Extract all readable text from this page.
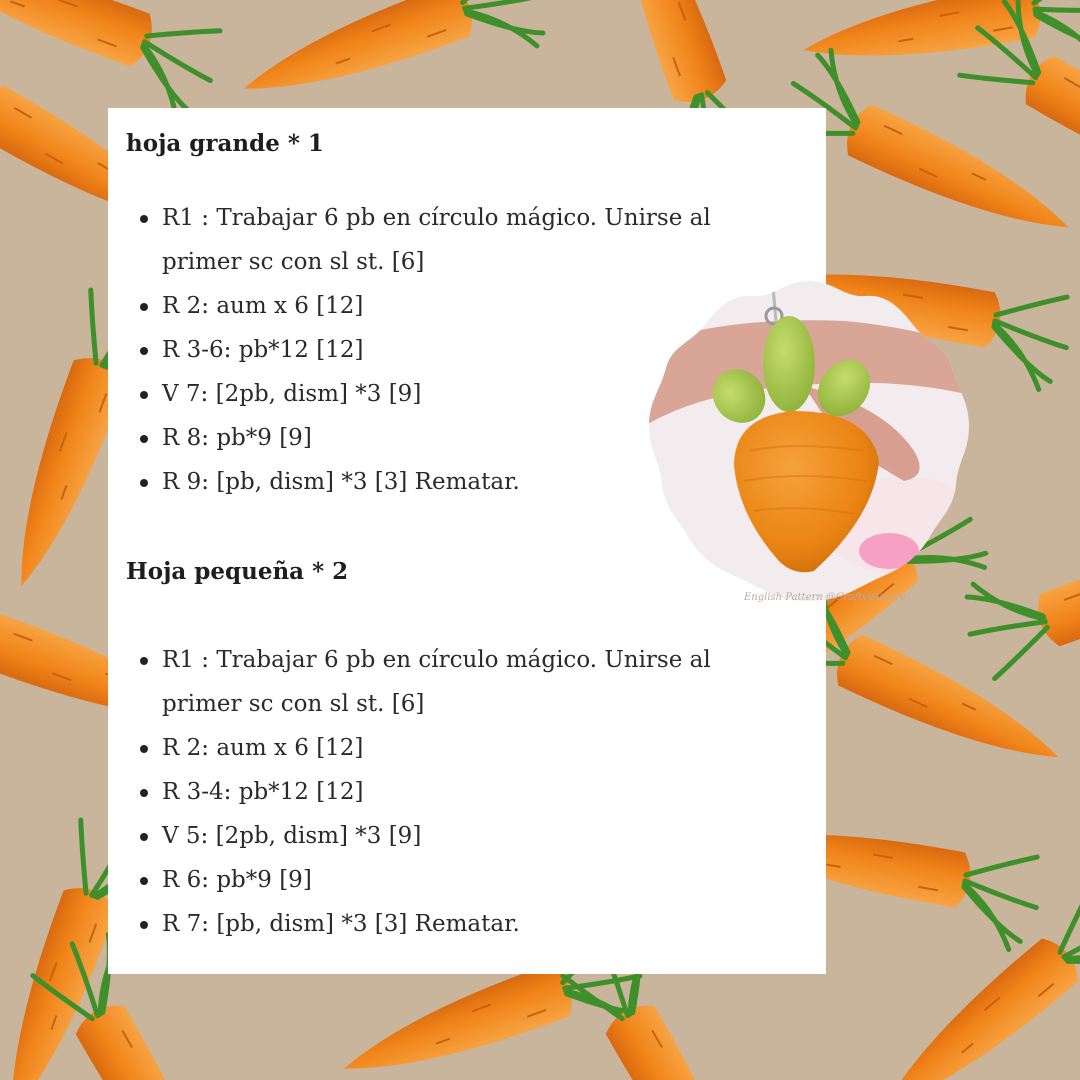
hoja grande * 1
R1 : Trabajar 6 pb en círculo mágico. Unirse al primer sc con sl st. [6]
R 2: aum x 6 [12]
R 3-6: pb*12 [12]
V 7: [2pb, dism] *3 [9]
R 8: pb*9 [9]
R 9: [pb, dism] *3 [3] Rematar.
Hoja pequeña * 2
R1 : Trabajar 6 pb en círculo mágico. Unirse al primer sc con sl st. [6]
R 2: aum x 6 [12]
R 3-4: pb*12 [12]
V 5: [2pb, dism] *3 [9]
R 6: pb*9 [9]
R 7: [pb, dism] *3 [3] Rematar.
English Pattern @CraftsyAmore
